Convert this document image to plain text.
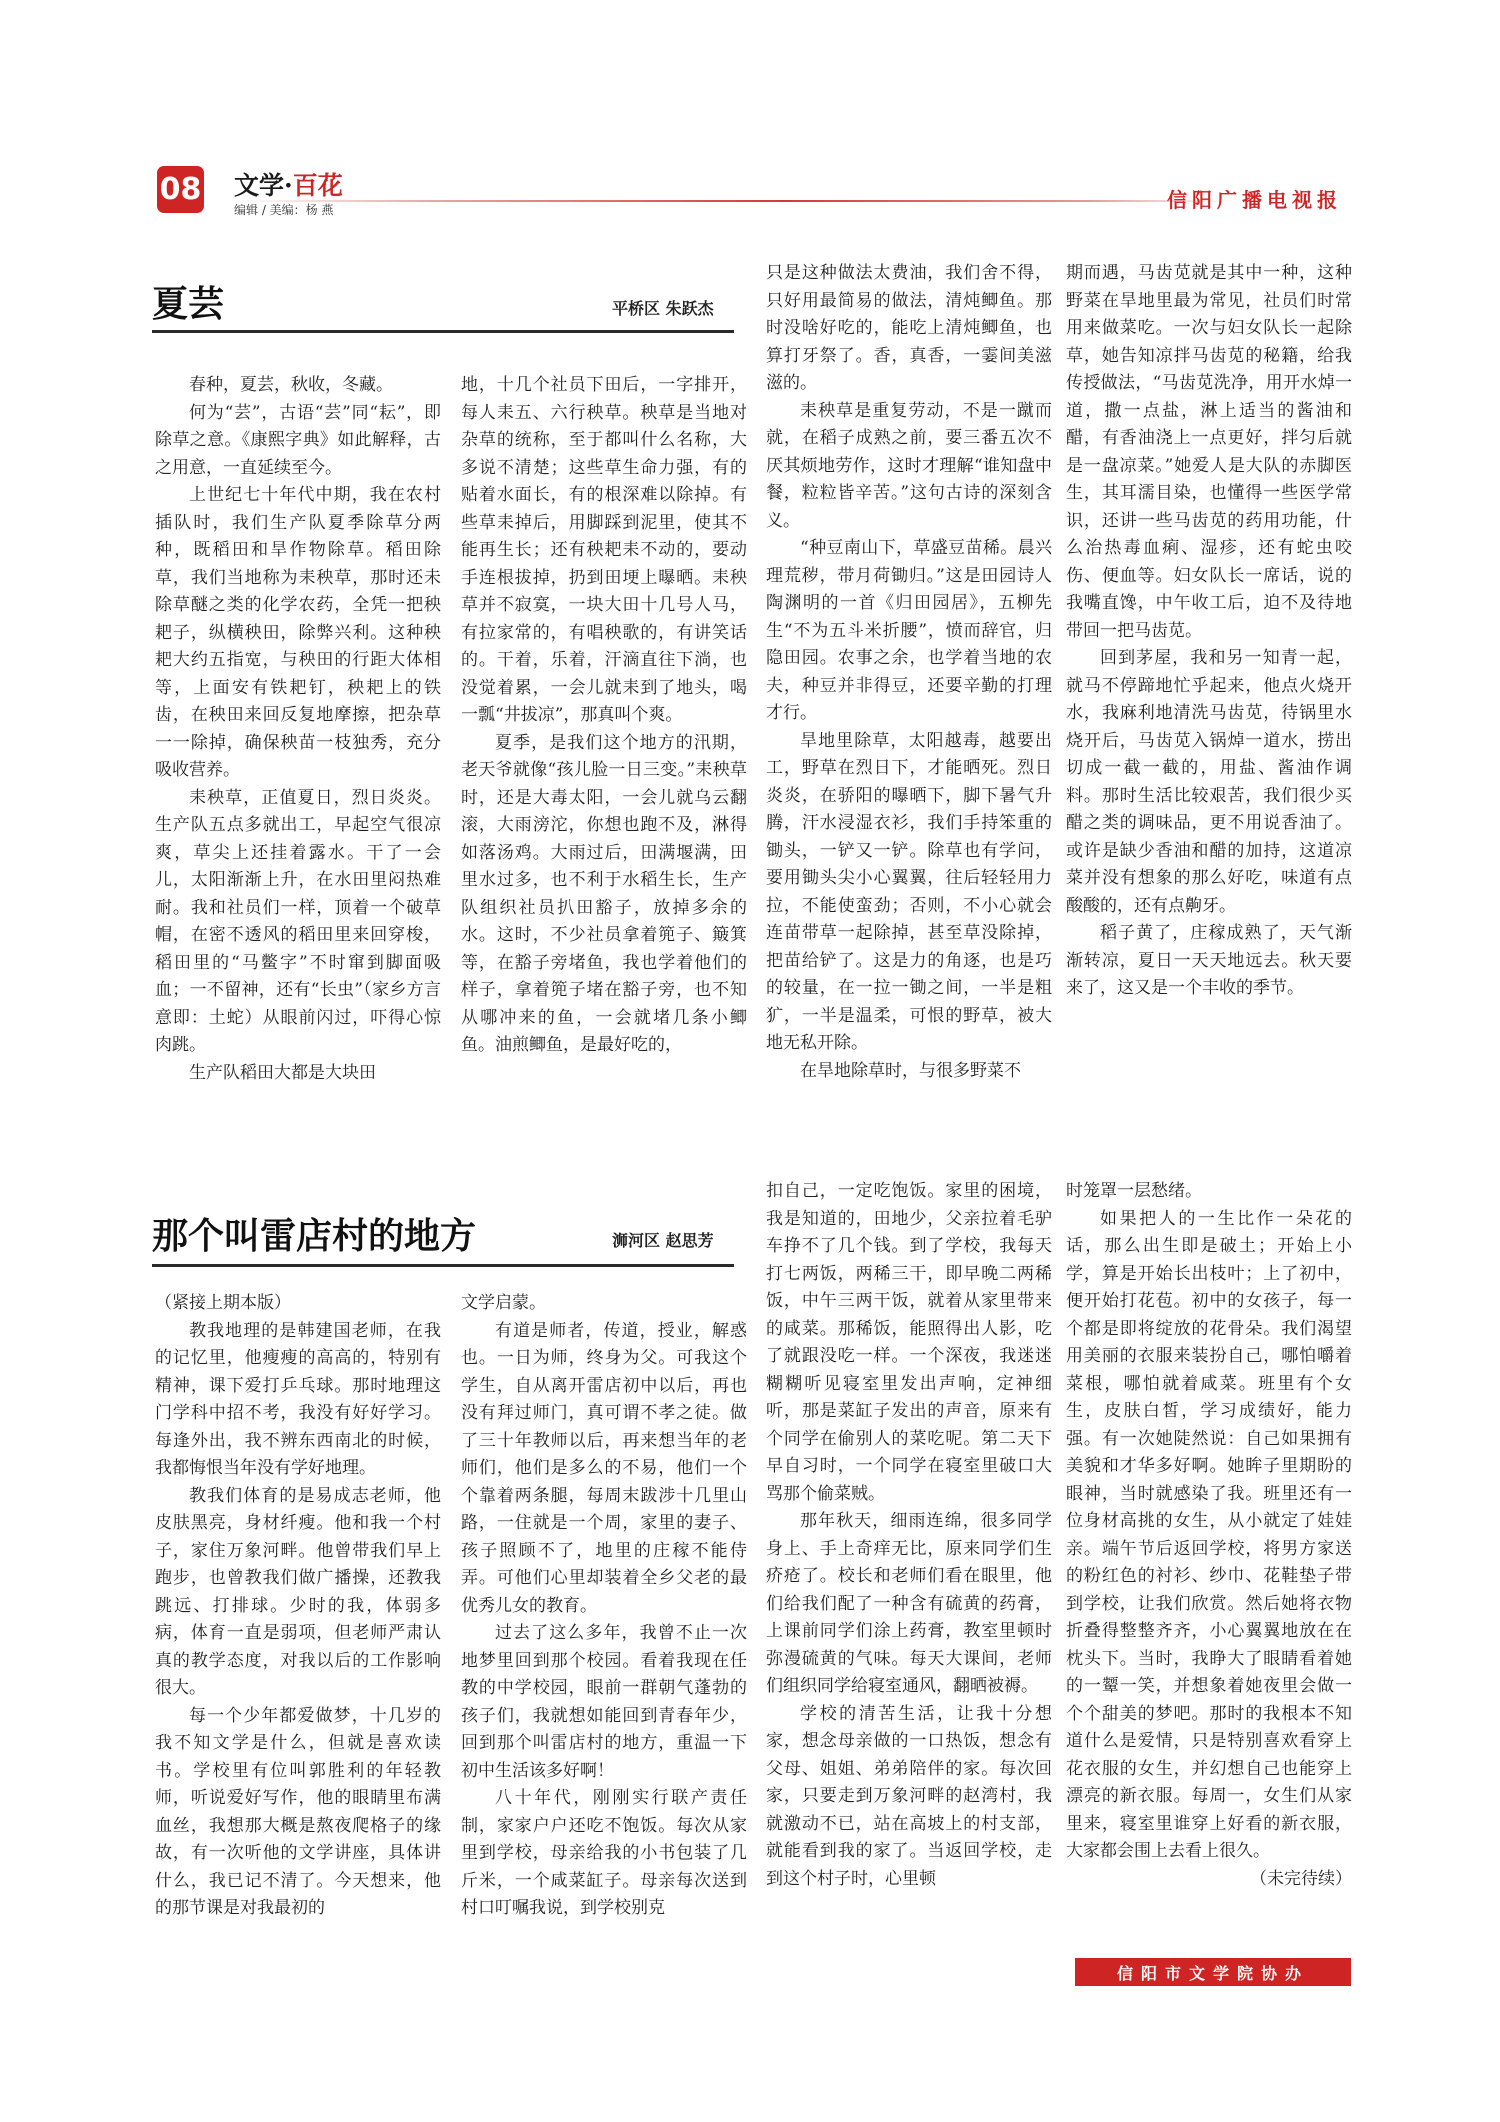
08 文学·百花
编辑 / 美编：杨 燕	信阳广播电视报
夏芸	平桥区 朱跃杰

春种，夏芸，秋收，冬藏。

何为“芸”，古语“芸”同“耘”，即除草之意。《康熙字典》如此解释，古之用意，一直延续至今。

上世纪七十年代中期，我在农村插队时，我们生产队夏季除草分两种，既稻田和旱作物除草。稻田除草，我们当地称为耒秧草，那时还未除草醚之类的化学农药，全凭一把秧耙子，纵横秧田，除弊兴利。这种秧耙大约五指宽，与秧田的行距大体相等，上面安有铁耙钉，秧耙上的铁齿，在秧田来回反复地摩擦，把杂草一一除掉，确保秧苗一枝独秀，充分吸收营养。

耒秧草，正值夏日，烈日炎炎。生产队五点多就出工，早起空气很凉爽，草尖上还挂着露水。干了一会儿，太阳渐渐上升，在水田里闷热难耐。我和社员们一样，顶着一个破草帽，在密不透风的稻田里来回穿梭，稻田里的“马鳖字”不时窜到脚面吸血；一不留神，还有“长虫”（家乡方言意即：土蛇）从眼前闪过，吓得心惊肉跳。

生产队稻田大都是大块田

地，十几个社员下田后，一字排开，每人耒五、六行秧草。秧草是当地对杂草的统称，至于都叫什么名称，大多说不清楚；这些草生命力强，有的贴着水面长，有的根深难以除掉。有些草耒掉后，用脚踩到泥里，使其不能再生长；还有秧耙耒不动的，要动手连根拔掉，扔到田埂上曝晒。耒秧草并不寂寞，一块大田十几号人马，有拉家常的，有唱秧歌的，有讲笑话的。干着，乐着，汗滴直往下淌，也没觉着累，一会儿就耒到了地头，喝一瓢“井拔凉”，那真叫个爽。

夏季，是我们这个地方的汛期，老天爷就像“孩儿脸一日三变。”耒秧草时，还是大毒太阳，一会儿就乌云翻滚，大雨滂沱，你想也跑不及，淋得如落汤鸡。大雨过后，田满堰满，田里水过多，也不利于水稻生长，生产队组织社员扒田豁子，放掉多余的水。这时，不少社员拿着篼子、簸箕等，在豁子旁堵鱼，我也学着他们的样子，拿着篼子堵在豁子旁，也不知从哪冲来的鱼，一会就堵几条小鲫鱼。油煎鲫鱼，是最好吃的，

只是这种做法太费油，我们舍不得，只好用最简易的做法，清炖鲫鱼。那时没啥好吃的，能吃上清炖鲫鱼，也算打牙祭了。香，真香，一霎间美滋滋的。

耒秧草是重复劳动，不是一蹴而就，在稻子成熟之前，要三番五次不厌其烦地劳作，这时才理解“谁知盘中餐，粒粒皆辛苦。”这句古诗的深刻含义。

“种豆南山下，草盛豆苗稀。晨兴理荒秽，带月荷锄归。”这是田园诗人陶渊明的一首《归田园居》，五柳先生“不为五斗米折腰”，愤而辞官，归隐田园。农事之余，也学着当地的农夫，种豆并非得豆，还要辛勤的打理才行。

旱地里除草，太阳越毒，越要出工，野草在烈日下，才能晒死。烈日炎炎，在骄阳的曝晒下，脚下暑气升腾，汗水浸湿衣衫，我们手持笨重的锄头，一铲又一铲。除草也有学问，要用锄头尖小心翼翼，往后轻轻用力拉，不能使蛮劲；否则，不小心就会连苗带草一起除掉，甚至草没除掉，把苗给铲了。这是力的角逐，也是巧的较量，在一拉一锄之间，一半是粗犷，一半是温柔，可恨的野草，被大地无私开除。

在旱地除草时，与很多野菜不

期而遇，马齿苋就是其中一种，这种野菜在旱地里最为常见，社员们时常用来做菜吃。一次与妇女队长一起除草，她告知凉拌马齿苋的秘籍，给我传授做法，“马齿苋洗净，用开水焯一道，撒一点盐，淋上适当的酱油和醋，有香油浇上一点更好，拌匀后就是一盘凉菜。”她爱人是大队的赤脚医生，其耳濡目染，也懂得一些医学常识，还讲一些马齿苋的药用功能，什么治热毒血痢、湿疹，还有蛇虫咬伤、便血等。妇女队长一席话，说的我嘴直馋，中午收工后，迫不及待地带回一把马齿苋。

回到茅屋，我和另一知青一起，就马不停蹄地忙乎起来，他点火烧开水，我麻利地清洗马齿苋，待锅里水烧开后，马齿苋入锅焯一道水，捞出切成一截一截的，用盐、酱油作调料。那时生活比较艰苦，我们很少买醋之类的调味品，更不用说香油了。或许是缺少香油和醋的加持，这道凉菜并没有想象的那么好吃，味道有点酸酸的，还有点齁牙。

稻子黄了，庄稼成熟了，天气渐渐转凉，夏日一天天地远去。秋天要来了，这又是一个丰收的季节。

那个叫雷店村的地方	浉河区 赵思芳

（紧接上期本版）

教我地理的是韩建国老师，在我的记忆里，他瘦瘦的高高的，特别有精神，课下爱打乒乓球。那时地理这门学科中招不考，我没有好好学习。每逢外出，我不辨东西南北的时候，我都悔恨当年没有学好地理。

教我们体育的是易成志老师，他皮肤黑亮，身材纤瘦。他和我一个村子，家住万象河畔。他曾带我们早上跑步，也曾教我们做广播操，还教我跳远、打排球。少时的我，体弱多病，体育一直是弱项，但老师严肃认真的教学态度，对我以后的工作影响很大。

每一个少年都爱做梦，十几岁的我不知文学是什么，但就是喜欢读书。学校里有位叫郭胜利的年轻教师，听说爱好写作，他的眼睛里布满血丝，我想那大概是熬夜爬格子的缘故，有一次听他的文学讲座，具体讲什么，我已记不清了。今天想来，他的那节课是对我最初的

文学启蒙。

有道是师者，传道，授业，解惑也。一日为师，终身为父。可我这个学生，自从离开雷店初中以后，再也没有拜过师门，真可谓不孝之徒。做了三十年教师以后，再来想当年的老师们，他们是多么的不易，他们一个个靠着两条腿，每周末跋涉十几里山路，一住就是一个周，家里的妻子、孩子照顾不了，地里的庄稼不能侍弄。可他们心里却装着全乡父老的最优秀儿女的教育。

过去了这么多年，我曾不止一次地梦里回到那个校园。看着我现在任教的中学校园，眼前一群朝气蓬勃的孩子们，我就想如能回到青春年少，回到那个叫雷店村的地方，重温一下初中生活该多好啊！

八十年代，刚刚实行联产责任制，家家户户还吃不饱饭。每次从家里到学校，母亲给我的小书包装了几斤米，一个咸菜缸子。母亲每次送到村口叮嘱我说，到学校别克

扣自己，一定吃饱饭。家里的困境，我是知道的，田地少，父亲拉着毛驴车挣不了几个钱。到了学校，我每天打七两饭，两稀三干，即早晚二两稀饭，中午三两干饭，就着从家里带来的咸菜。那稀饭，能照得出人影，吃了就跟没吃一样。一个深夜，我迷迷糊糊听见寝室里发出声响，定神细听，那是菜缸子发出的声音，原来有个同学在偷别人的菜吃呢。第二天下早自习时，一个同学在寝室里破口大骂那个偷菜贼。

那年秋天，细雨连绵，很多同学身上、手上奇痒无比，原来同学们生疥疮了。校长和老师们看在眼里，他们给我们配了一种含有硫黄的药膏，上课前同学们涂上药膏，教室里顿时弥漫硫黄的气味。每天大课间，老师们组织同学给寝室通风，翻晒被褥。

学校的清苦生活，让我十分想家，想念母亲做的一口热饭，想念有父母、姐姐、弟弟陪伴的家。每次回家，只要走到万象河畔的赵湾村，我就激动不已，站在高坡上的村支部，就能看到我的家了。当返回学校，走到这个村子时，心里顿

时笼罩一层愁绪。

如果把人的一生比作一朵花的话，那么出生即是破土；开始上小学，算是开始长出枝叶；上了初中，便开始打花苞。初中的女孩子，每一个都是即将绽放的花骨朵。我们渴望用美丽的衣服来装扮自己，哪怕嚼着菜根，哪怕就着咸菜。班里有个女生，皮肤白皙，学习成绩好，能力强。有一次她陡然说：自己如果拥有美貌和才华多好啊。她眸子里期盼的眼神，当时就感染了我。班里还有一位身材高挑的女生，从小就定了娃娃亲。端午节后返回学校，将男方家送的粉红色的衬衫、纱巾、花鞋垫子带到学校，让我们欣赏。然后她将衣物折叠得整整齐齐，小心翼翼地放在在枕头下。当时，我睁大了眼睛看着她的一颦一笑，并想象着她夜里会做一个个甜美的梦吧。那时的我根本不知道什么是爱情，只是特别喜欢看穿上花衣服的女生，并幻想自己也能穿上漂亮的新衣服。每周一，女生们从家里来，寝室里谁穿上好看的新衣服，大家都会围上去看上很久。

（未完待续）

信阳市文学院协办
